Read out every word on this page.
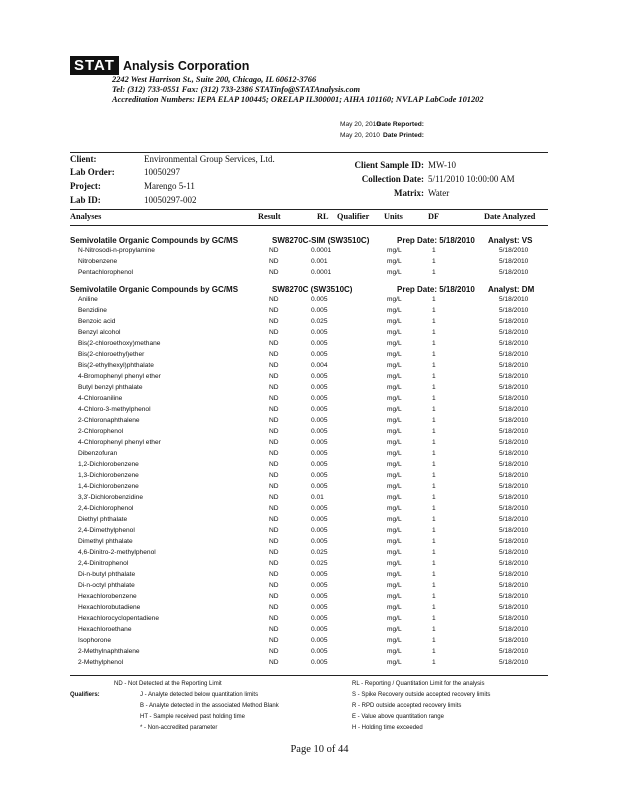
STAT Analysis Corporation
2242 West Harrison St., Suite 200, Chicago, IL 60612-3766
Tel: (312) 733-0551 Fax: (312) 733-2386 STATinfo@STATAnalysis.com
Accreditation Numbers: IEPA ELAP 100445; ORELAP IL300001; AIHA 101160; NVLAP LabCode 101202
Date Reported:
May 20, 2010
Date Printed:
May 20, 2010
Client:	Environmental Group Services, Ltd.
Lab Order:	10050297
Project:	Marengo 5-11
Lab ID:	10050297-002
Client Sample ID: MW-10
Collection Date: 5/11/2010 10:00:00 AM
Matrix: Water
Analyses	Result	RL Qualifier Units	DF	Date Analyzed
Semivolatile Organic Compounds by GC/MS	SW8270C-SIM (SW3510C)	Prep Date: 5/18/2010 Analyst: VS
N-Nitrosodi-n-propylamine	ND	0.0001	mg/L	1	5/18/2010
Nitrobenzene	ND	0.001	mg/L	1	5/18/2010
Pentachlorophenol	ND	0.0001	mg/L	1	5/18/2010
Semivolatile Organic Compounds by GC/MS	SW8270C (SW3510C)	Prep Date: 5/18/2010 Analyst: DM
Aniline	ND	0.005	mg/L	1	5/18/2010
Benzidine	ND	0.005	mg/L	1	5/18/2010
Benzoic acid	ND	0.025	mg/L	1	5/18/2010
Benzyl alcohol	ND	0.005	mg/L	1	5/18/2010
Bis(2-chloroethoxy)methane	ND	0.005	mg/L	1	5/18/2010
Bis(2-chloroethyl)ether	ND	0.005	mg/L	1	5/18/2010
Bis(2-ethylhexyl)phthalate	ND	0.004	mg/L	1	5/18/2010
4-Bromophenyl phenyl ether	ND	0.005	mg/L	1	5/18/2010
Butyl benzyl phthalate	ND	0.005	mg/L	1	5/18/2010
4-Chloroaniline	ND	0.005	mg/L	1	5/18/2010
4-Chloro-3-methylphenol	ND	0.005	mg/L	1	5/18/2010
2-Chloronaphthalene	ND	0.005	mg/L	1	5/18/2010
2-Chlorophenol	ND	0.005	mg/L	1	5/18/2010
4-Chlorophenyl phenyl ether	ND	0.005	mg/L	1	5/18/2010
Dibenzofuran	ND	0.005	mg/L	1	5/18/2010
1,2-Dichlorobenzene	ND	0.005	mg/L	1	5/18/2010
1,3-Dichlorobenzene	ND	0.005	mg/L	1	5/18/2010
1,4-Dichlorobenzene	ND	0.005	mg/L	1	5/18/2010
3,3'-Dichlorobenzidine	ND	0.01	mg/L	1	5/18/2010
2,4-Dichlorophenol	ND	0.005	mg/L	1	5/18/2010
Diethyl phthalate	ND	0.005	mg/L	1	5/18/2010
2,4-Dimethylphenol	ND	0.005	mg/L	1	5/18/2010
Dimethyl phthalate	ND	0.005	mg/L	1	5/18/2010
4,6-Dinitro-2-methylphenol	ND	0.025	mg/L	1	5/18/2010
2,4-Dinitrophenol	ND	0.025	mg/L	1	5/18/2010
Di-n-butyl phthalate	ND	0.005	mg/L	1	5/18/2010
Di-n-octyl phthalate	ND	0.005	mg/L	1	5/18/2010
Hexachlorobenzene	ND	0.005	mg/L	1	5/18/2010
Hexachlorobutadiene	ND	0.005	mg/L	1	5/18/2010
Hexachlorocyclopentadiene	ND	0.005	mg/L	1	5/18/2010
Hexachloroethane	ND	0.005	mg/L	1	5/18/2010
Isophorone	ND	0.005	mg/L	1	5/18/2010
2-Methylnaphthalene	ND	0.005	mg/L	1	5/18/2010
2-Methylphenol	ND	0.005	mg/L	1	5/18/2010
ND - Not Detected at the Reporting Limit	RL - Reporting / Quantitation Limit for the analysis
Qualifiers:	J - Analyte detected below quantitation limits	S - Spike Recovery outside accepted recovery limits
B - Analyte detected in the associated Method Blank	R - RPD outside accepted recovery limits
HT - Sample received past holding time	E - Value above quantitation range
* - Non-accredited parameter	H - Holding time exceeded
Page 10 of 44
